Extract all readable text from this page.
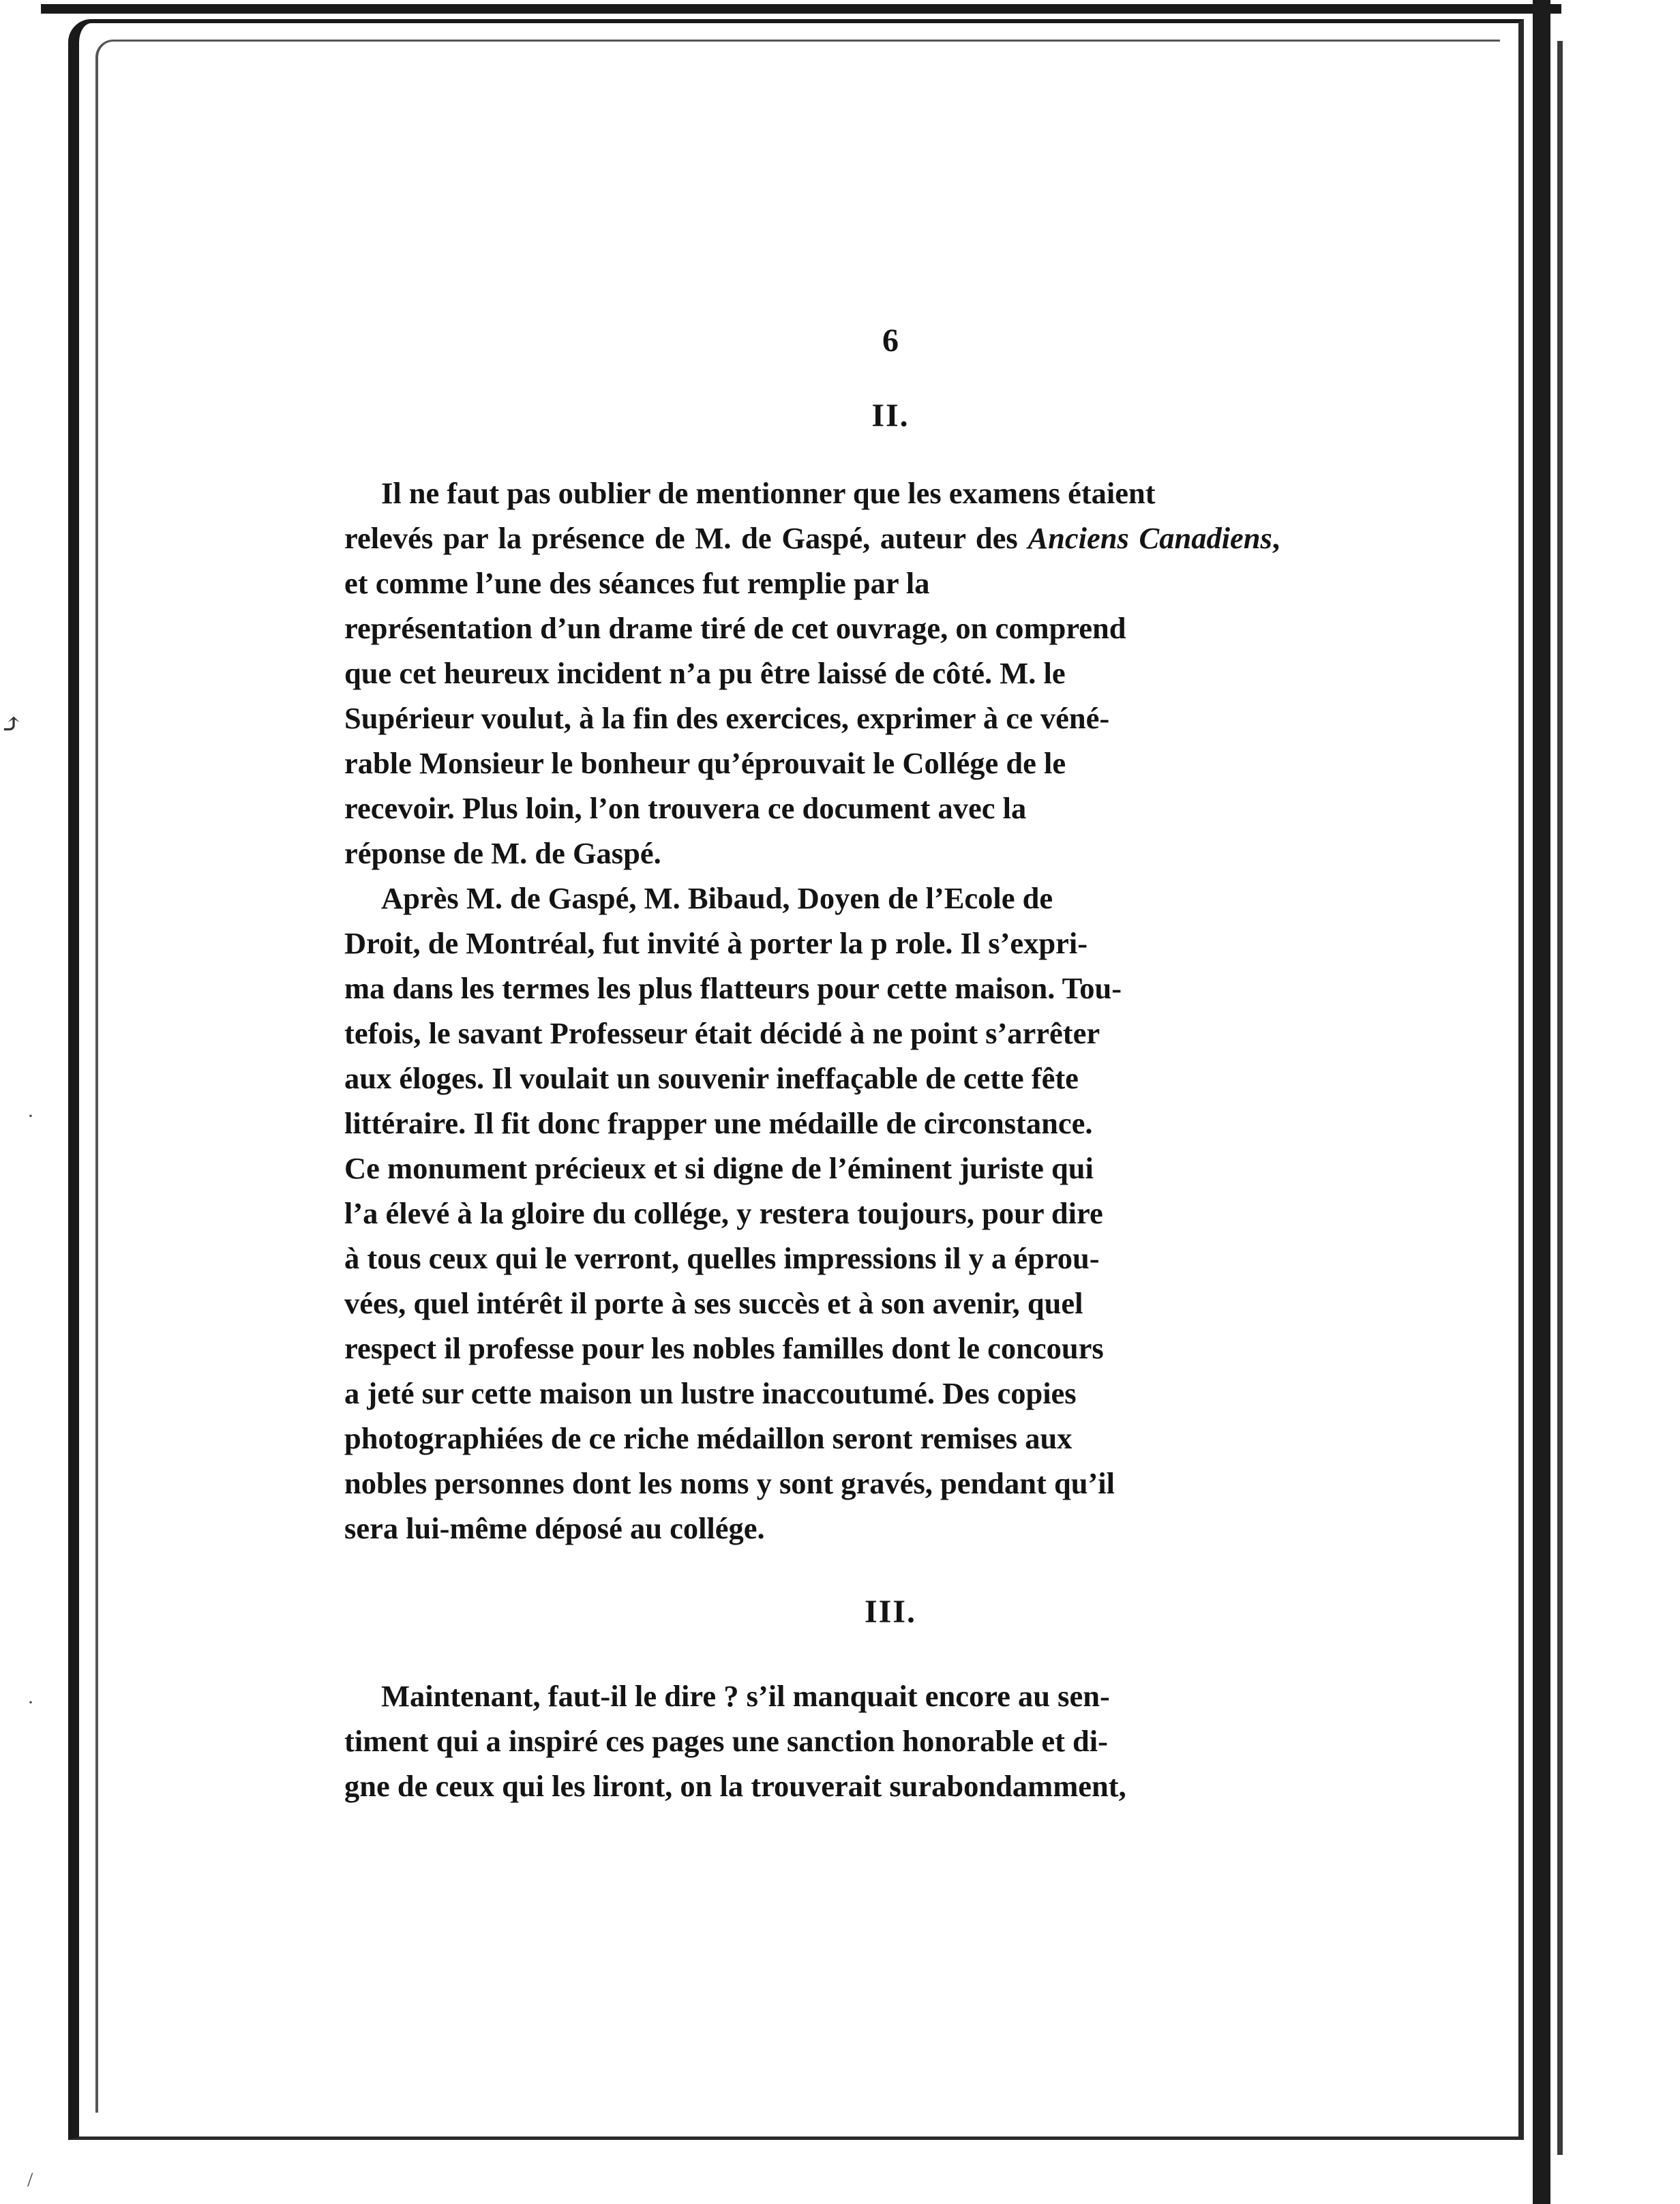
⤴
·
·
/

6

II.

Il ne faut pas oublier de mentionner que les examens étaient
relevés par la présence de M. de Gaspé, auteur des Anciens Canadiens, et comme l’une des séances fut remplie par la
représentation d’un drame tiré de cet ouvrage, on comprend
que cet heureux incident n’a pu être laissé de côté. M. le
Supérieur voulut, à la fin des exercices, exprimer à ce véné-
rable Monsieur le bonheur qu’éprouvait le Collége de le
recevoir. Plus loin, l’on trouvera ce document avec la
réponse de M. de Gaspé.

Après M. de Gaspé, M. Bibaud, Doyen de l’Ecole de
Droit, de Montréal, fut invité à porter la p role. Il s’expri-
ma dans les termes les plus flatteurs pour cette maison. Tou-
tefois, le savant Professeur était décidé à ne point s’arrêter
aux éloges. Il voulait un souvenir ineffaçable de cette fête
littéraire. Il fit donc frapper une médaille de circonstance.
Ce monument précieux et si digne de l’éminent juriste qui
l’a élevé à la gloire du collége, y restera toujours, pour dire
à tous ceux qui le verront, quelles impressions il y a éprou-
vées, quel intérêt il porte à ses succès et à son avenir, quel
respect il professe pour les nobles familles dont le concours
a jeté sur cette maison un lustre inaccoutumé. Des copies
photographiées de ce riche médaillon seront remises aux
nobles personnes dont les noms y sont gravés, pendant qu’il
sera lui-même déposé au collége.

III.

Maintenant, faut-il le dire ? s’il manquait encore au sen-
timent qui a inspiré ces pages une sanction honorable et di-
gne de ceux qui les liront, on la trouverait surabondamment,
